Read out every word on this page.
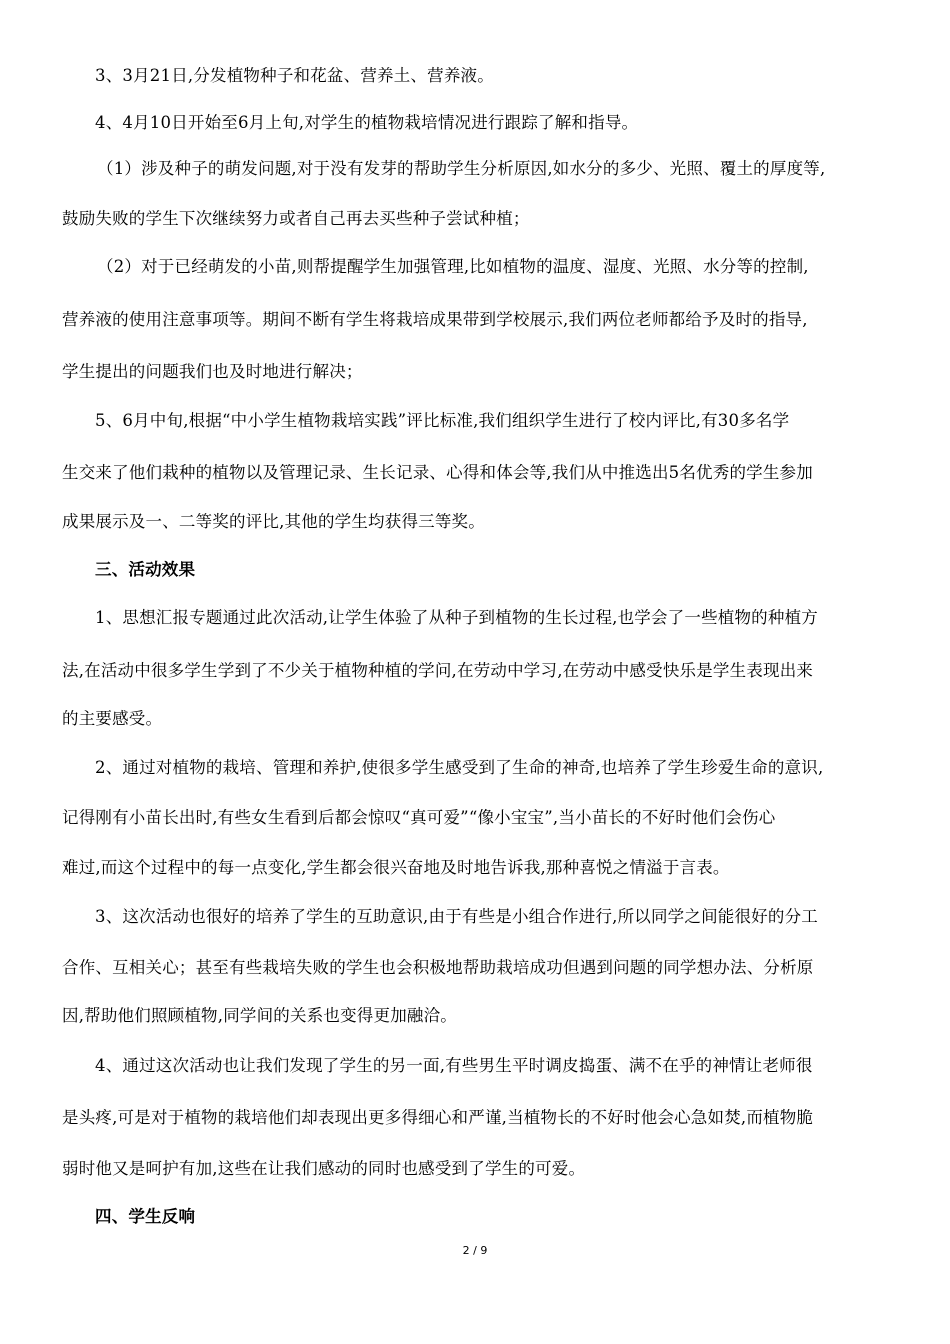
3、3月21日,分发植物种子和花盆、营养土、营养液。
4、4月10日开始至6月上旬,对学生的植物栽培情况进行跟踪了解和指导。
（1）涉及种子的萌发问题,对于没有发芽的帮助学生分析原因,如水分的多少、光照、覆土的厚度等,
鼓励失败的学生下次继续努力或者自己再去买些种子尝试种植；
（2）对于已经萌发的小苗,则帮提醒学生加强管理,比如植物的温度、湿度、光照、水分等的控制,
营养液的使用注意事项等。期间不断有学生将栽培成果带到学校展示,我们两位老师都给予及时的指导,
学生提出的问题我们也及时地进行解决；
5、6月中旬,根据“中小学生植物栽培实践”评比标准,我们组织学生进行了校内评比,有30多名学
生交来了他们栽种的植物以及管理记录、生长记录、心得和体会等,我们从中推选出5名优秀的学生参加
成果展示及一、二等奖的评比,其他的学生均获得三等奖。
三、活动效果
1、思想汇报专题通过此次活动,让学生体验了从种子到植物的生长过程,也学会了一些植物的种植方
法,在活动中很多学生学到了不少关于植物种植的学问,在劳动中学习,在劳动中感受快乐是学生表现出来
的主要感受。
2、通过对植物的栽培、管理和养护,使很多学生感受到了生命的神奇,也培养了学生珍爱生命的意识,
记得刚有小苗长出时,有些女生看到后都会惊叹“真可爱”“像小宝宝”,当小苗长的不好时他们会伤心
难过,而这个过程中的每一点变化,学生都会很兴奋地及时地告诉我,那种喜悦之情溢于言表。
3、这次活动也很好的培养了学生的互助意识,由于有些是小组合作进行,所以同学之间能很好的分工
合作、互相关心；甚至有些栽培失败的学生也会积极地帮助栽培成功但遇到问题的同学想办法、分析原
因,帮助他们照顾植物,同学间的关系也变得更加融洽。
4、通过这次活动也让我们发现了学生的另一面,有些男生平时调皮捣蛋、满不在乎的神情让老师很
是头疼,可是对于植物的栽培他们却表现出更多得细心和严谨,当植物长的不好时他会心急如焚,而植物脆
弱时他又是呵护有加,这些在让我们感动的同时也感受到了学生的可爱。
四、学生反响
2 / 9
